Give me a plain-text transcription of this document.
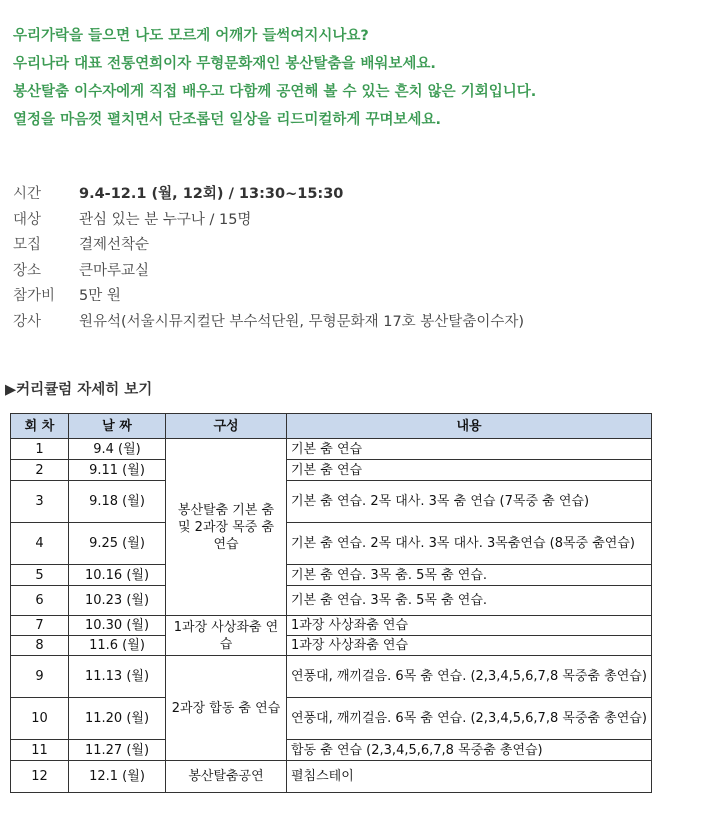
우리가락을 들으면 나도 모르게 어깨가 들썩여지시나요?

우리나라 대표 전통연희이자 무형문화재인 봉산탈춤을 배워보세요.

봉산탈춤 이수자에게 직접 배우고 다함께 공연해 볼 수 있는 흔치 않은 기회입니다.

열정을 마음껏 펼치면서 단조롭던 일상을 리드미컬하게 꾸며보세요.

시간	9.4-12.1 (월, 12회) / 13:30~15:30
대상	관심 있는 분 누구나 / 15명
모집	결제선착순
장소	큰마루교실
참가비	5만 원
강사	원유석(서울시뮤지컬단 부수석단원, 무형문화재 17호 봉산탈춤이수자)
▶커리큘럼 자세히 보기
회 차	날 짜	구성	내용
1	9.4 (월)	봉산탈춤 기본 춤 및 2과장 목중 춤 연습	기본 춤 연습
2	9.11 (월)		기본 춤 연습
3	9.18 (월)		기본 춤 연습. 2목 대사. 3목 춤 연습 (7목중 춤 연습)
4	9.25 (월)		기본 춤 연습. 2목 대사. 3목 대사. 3목춤연습 (8목중 춤연습)
5	10.16 (월)		기본 춤 연습. 3목 춤. 5목 춤 연습.
6	10.23 (월)		기본 춤 연습. 3목 춤. 5목 춤 연습.
7	10.30 (월)	1과장 사상좌춤 연습	1과장 사상좌춤 연습
8	11.6 (월)		1과장 사상좌춤 연습
9	11.13 (월)	2과장 합동 춤 연습	연풍대, 깨끼걸음. 6목 춤 연습. (2,3,4,5,6,7,8 목중춤 총연습)
10	11.20 (월)		연풍대, 깨끼걸음. 6목 춤 연습. (2,3,4,5,6,7,8 목중춤 총연습)
11	11.27 (월)		합동 춤 연습 (2,3,4,5,6,7,8 목중춤 총연습)
12	12.1 (월)	봉산탈춤공연	펼침스테이
